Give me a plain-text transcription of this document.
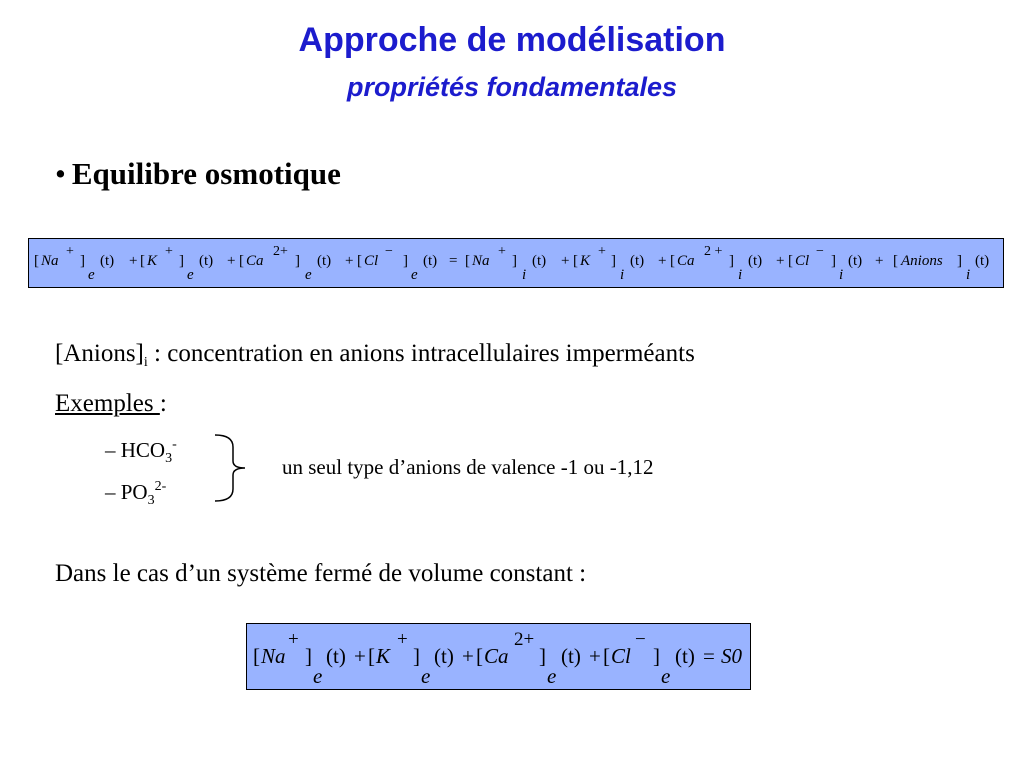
Approche de modélisation
propriétés fondamentales
• Equilibre osmotique
[ Na
+
]
e
(t) + [ K
+
]
e
(t) + [ Ca
2+
]
e
(t) + [ Cl
−
]
e
(t) = [ Na
+
]
i
(t) + [ K
+
]
i
(t) + [ Ca
2 +
]
i
(t) + [ Cl
−
]
i
(t) + [ Anions ]
i
(t)
$[Anions]_i$ : concentration en anions intracellulaires imperméants
Exemples :
– $HCO_3^-$
– $PO_3^{2-}$
un seul type d’anions de valence -1 ou -1,12
Dans le cas d’un système fermé de volume constant :
[ Na
+
]
e
(t) + [ K
+
]
e
(t) + [ Ca
2+
]
e
(t) + [ Cl
−
]
e
(t) = S0
